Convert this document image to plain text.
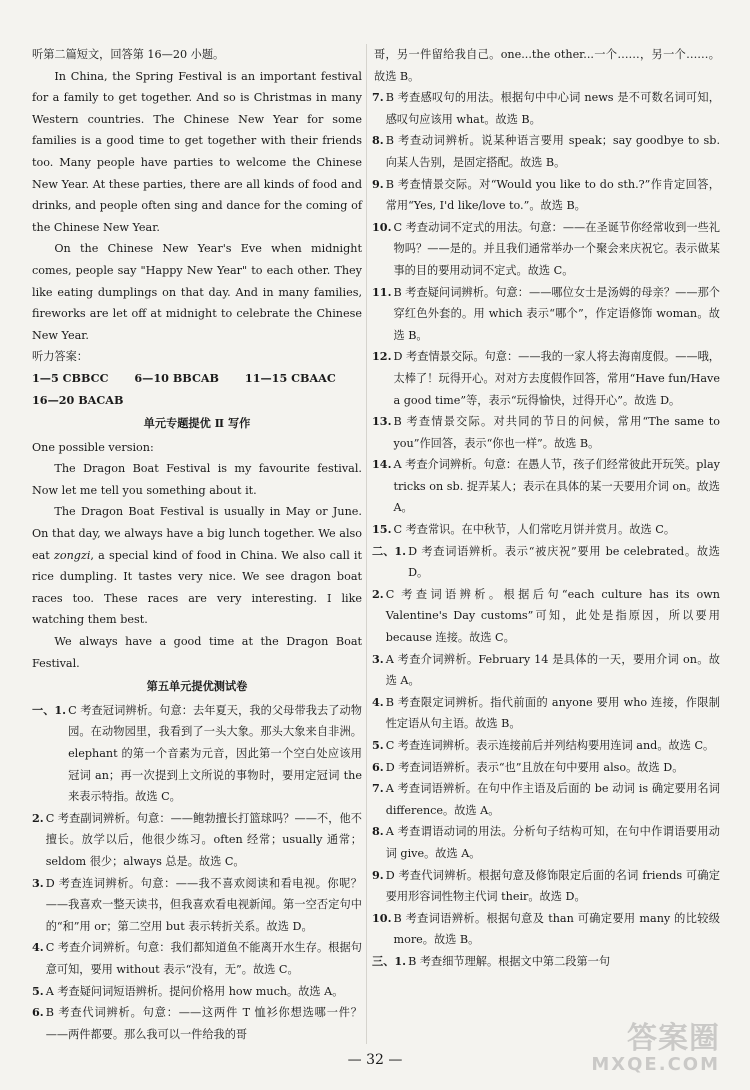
听第二篇短文，回答第 16—20 小题。

In China, the Spring Festival is an important festival for a family to get together. And so is Christmas in many Western countries. The Chinese New Year for some families is a good time to get together with their friends too. Many people have parties to welcome the Chinese New Year. At these parties, there are all kinds of food and drinks, and people often sing and dance for the coming of the Chinese New Year.

On the Chinese New Year's Eve when midnight comes, people say "Happy New Year" to each other. They like eating dumplings on that day. And in many families, fireworks are let off at midnight to celebrate the Chinese New Year.

听力答案：

1—5 CBBCC 6—10 BBCAB 11—15 CBAAC

16—20 BACAB

单元专题提优 Ⅱ 写作

One possible version:

The Dragon Boat Festival is my favourite festival. Now let me tell you something about it.

The Dragon Boat Festival is usually in May or June. On that day, we always have a big lunch together. We also eat zongzi, a special kind of food in China. We also call it rice dumpling. It tastes very nice. We see dragon boat races too. These races are very interesting. I like watching them best.

We always have a good time at the Dragon Boat Festival.

第五单元提优测试卷

一、1. C 考查冠词辨析。句意：去年夏天，我的父母带我去了动物园。在动物园里，我看到了一头大象。那头大象来自非洲。elephant 的第一个音素为元音，因此第一个空白处应该用冠词 an；再一次提到上文所说的事物时，要用定冠词 the 来表示特指。故选 C。
2. C 考查副词辨析。句意：——鲍勃擅长打篮球吗？——不，他不擅长。放学以后，他很少练习。often 经常；usually 通常；seldom 很少；always 总是。故选 C。
3. D 考查连词辨析。句意：——我不喜欢阅读和看电视。你呢？——我喜欢一整天读书，但我喜欢看电视新闻。第一空否定句中的“和”用 or；第二空用 but 表示转折关系。故选 D。
4. C 考查介词辨析。句意：我们都知道鱼不能离开水生存。根据句意可知，要用 without 表示“没有，无”。故选 C。
5. A 考查疑问词短语辨析。提问价格用 how much。故选 A。
6. B 考查代词辨析。句意：——这两件 T 恤衫你想选哪一件？——两件都要。那么我可以一件给我的哥
哥，另一件留给我自己。one...the other...一个……，另一个……。故选 B。
7. B 考查感叹句的用法。根据句中中心词 news 是不可数名词可知，感叹句应该用 what。故选 B。
8. B 考查动词辨析。说某种语言要用 speak；say goodbye to sb. 向某人告别，是固定搭配。故选 B。
9. B 考查情景交际。对“Would you like to do sth.?”作肯定回答，常用“Yes, I'd like/love to.”。故选 B。
10. C 考查动词不定式的用法。句意：——在圣诞节你经常收到一些礼物吗？——是的。并且我们通常举办一个聚会来庆祝它。表示做某事的目的要用动词不定式。故选 C。
11. B 考查疑问词辨析。句意：——哪位女士是汤姆的母亲？——那个穿红色外套的。用 which 表示“哪个”，作定语修饰 woman。故选 B。
12. D 考查情景交际。句意：——我的一家人将去海南度假。——哦，太棒了！玩得开心。对对方去度假作回答，常用“Have fun/Have a good time”等，表示“玩得愉快，过得开心”。故选 D。
13. B 考查情景交际。对共同的节日的问候，常用“The same to you”作回答，表示“你也一样”。故选 B。
14. A 考查介词辨析。句意：在愚人节，孩子们经常彼此开玩笑。play tricks on sb. 捉弄某人；表示在具体的某一天要用介词 on。故选 A。
15. C 考查常识。在中秋节，人们常吃月饼并赏月。故选 C。
二、1. D 考查词语辨析。表示“被庆祝”要用 be celebrated。故选 D。
2. C 考查词语辨析。根据后句“each culture has its own Valentine's Day customs”可知，此处是指原因，所以要用 because 连接。故选 C。
3. A 考查介词辨析。February 14 是具体的一天，要用介词 on。故选 A。
4. B 考查限定词辨析。指代前面的 anyone 要用 who 连接，作限制性定语从句主语。故选 B。
5. C 考查连词辨析。表示连接前后并列结构要用连词 and。故选 C。
6. D 考查词语辨析。表示“也”且放在句中要用 also。故选 D。
7. A 考查词语辨析。在句中作主语及后面的 be 动词 is 确定要用名词 difference。故选 A。
8. A 考查谓语动词的用法。分析句子结构可知，在句中作谓语要用动词 give。故选 A。
9. D 考查代词辨析。根据句意及修饰限定后面的名词 friends 可确定要用形容词性物主代词 their。故选 D。
10. B 考查词语辨析。根据句意及 than 可确定要用 many 的比较级 more。故选 B。
三、1. B 考查细节理解。根据文中第二段第一句
— 32 —
答案圈
MXQE.COM
